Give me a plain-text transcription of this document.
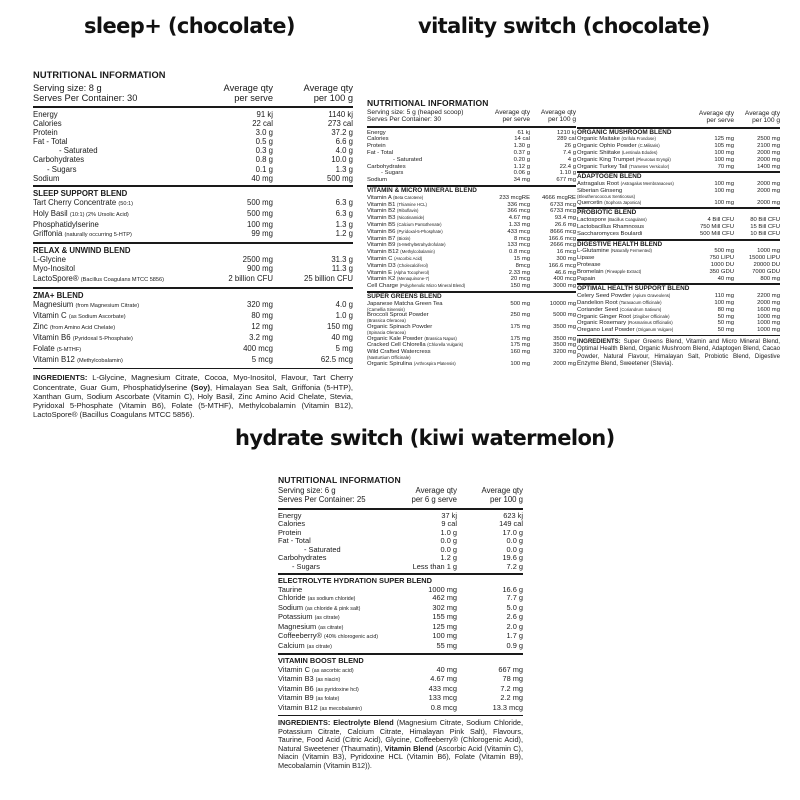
sleep+ (chocolate)	vitality switch (chocolate)
hydrate switch (kiwi watermelon)
NUTRITIONAL INFORMATION
Serving size: 8 g
Serves Per Container: 30
Average qty
per serve
Average qty
per 100 g
Energy	91 kj	1140 kj
Calories	22 cal	273 cal
Protein	3.0 g	37.2 g
Fat - Total	0.5 g	6.6 g
- Saturated	0.3 g	4.0 g
Carbohydrates	0.8 g	10.0 g
- Sugars	0.1 g	1.3 g
Sodium	40 mg	500 mg
SLEEP SUPPORT BLEND
Tart Cherry Concentrate (50:1)	500 mg	6.3 g
Holy Basil (10:1) (2% Ursolic Acid)	500 mg	6.3 g
Phosphatidylserine	100 mg	1.3 g
Griffonia (naturally occurring 5-HTP)	99 mg	1.2 g
RELAX & UNWIND BLEND
L-Glycine	2500 mg	31.3 g
Myo-Inositol	900 mg	11.3 g
LactoSpore® (Bacillus Coagulans MTCC 5856)	2 billion CFU	25 billion CFU
ZMA+ BLEND
Magnesium (from Magnesium Citrate)	320 mg	4.0 g
Vitamin C (as Sodium Ascorbate)	80 mg	1.0 g
Zinc (from Amino Acid Chelate)	12 mg	150 mg
Vitamin B6 (Pyridoxal 5-Phosphate)	3.2 mg	40 mg
Folate (5-MTHF)	400 mcg	5 mg
Vitamin B12 (Methylcobalamin)	5 mcg	62.5 mcg
INGREDIENTS: L-Glycine, Magnesium Citrate, Cocoa, Myo-Inositol, Flavour, Tart Cherry Concentrate, Guar Gum, Phosphatidylserine (Soy), Himalayan Sea Salt, Griffonia (5-HTP), Xanthan Gum, Sodium Ascorbate (Vitamin C), Holy Basil, Zinc Amino Acid Chelate, Stevia, Pyridoxal 5-Phosphate (Vitamin B6), Folate (5-MTHF), Methylcobalamin (Vitamin B12), LactoSpore® (Bacillus Coagulans MTCC 5856).
NUTRITIONAL INFORMATION
Serving size: 5 g (heaped scoop)
Serves Per Container: 30
Average qty
per serve
Average qty
per 100 g
Energy	61 kj	1210 kj
Calories	14 cal	289 cal
Protein	1.30 g	26 g
Fat - Total	0.37 g	7.4 g
- Saturated	0.20 g	4 g
Carbohydrates	1.12 g	22.4 g
- Sugars	0.06 g	1.10 g
Sodium	34 mg	677 mg
VITAMIN & MICRO MINERAL BLEND
Vitamin A (Beta Carotene)	233 mcgRE	4666 mcgRE
Vitamin B1 (Thiamine HCL)	336 mcg	6733 mcg
Vitamin B2 (Riboflavin)	366 mcg	6733 mcg
Vitamin B3 (Nicotinamide)	4.67 mg	93.4 mg
Vitamin B5 (Calcium Pantothenate)	1.33 mg	26.6 mg
Vitamin B6 (Pyridoxal-5-Phosphate)	433 mcg	8666 mcg
Vitamin B7 (Biotin)	8 mcg	166.6 mcg
Vitamin B9 (5-Methyltetrahydrofolate)	133 mcg	2666 mcg
Vitamin B12 (Methylcobalamin)	0.8 mcg	16 mcg
Vitamin C (Ascorbic Acid)	15 mg	300 mg
Vitamin D3 (Cholecalciferol)	8mcg	166.6 mcg
Vitamin E (Alpha Tocopherol)	2.33 mg	46.6 mg
Vitamin K2 (Menaquinone-7)	20 mcg	400 mcg
Cell Charge (Polyphenolic Micro Mineral Blend)	150 mg	3000 mg
SUPER GREENS BLEND
Japanese Matcha Green Tea	500 mg	10000 mg
(Camellia Sinensis)
Broccoli Sprout Powder	250 mg	5000 mg
(Brassica Oleracea)
Organic Spinach Powder	175 mg	3500 mg
(Spinacia Oleracea)
Organic Kale Powder (Brassica Napus)	175 mg	3500 mg
Cracked Cell Chlorella (Chlorella Vulgaris)	175 mg	3500 mg
Wild Crafted Watercress	160 mg	3200 mg
(Nasturtium Officinale)
Organic Spirulina (Arthrospira Platensis)	100 mg	2000 mg
Average qty
per serve
Average qty
per 100 g
ORGANIC MUSHROOM BLEND
Organic Maitake (Grifola Frondose)	125 mg	2500 mg
Organic Ophio Powder (C.Militaris)	105 mg	2100 mg
Organic Shiitake (Lentinula Edodes)	100 mg	2000 mg
Organic King Trumpet (Pleurotus Eryngii)	100 mg	2000 mg
Organic Turkey Tail (Trametes Versicolor)	70 mg	1400 mg
ADAPTOGEN BLEND
Astragalus Root (Astragalus Membranaceus)	100 mg	2000 mg
Siberian Ginseng	100 mg	2000 mg
(Eleutherococcus Senticosus)
Quercetin (Sophora Japonica)	100 mg	2000 mg
PROBIOTIC BLEND
Lactospore (Bacillus Coagulans)	4 Bill CFU	80 Bill CFU
Lactobacillus Rhamnosus	750 Mill CFU	15 Bill CFU
Saccharomyces Boulardi	500 Mill CFU	10 Bill CFU
DIGESTIVE HEALTH BLEND
L-Glutamine (Naturally Fermented)	500 mg	1000 mg
Lipase	750 LIPU	15000 LIPU
Protease	1000 DU	20000 DU
Bromelain (Pineapple Extract)	350 GDU	7000 GDU
Papain	40 mg	800 mg
OPTIMAL HEALTH SUPPORT BLEND
Celery Seed Powder (Apium Graveolens)	110 mg	2200 mg
Dandelion Root (Taraxacum Officinale)	100 mg	2000 mg
Coriander Seed (Coriandrum Sativum)	80 mg	1600 mg
Organic Ginger Root (Zingiber Officinale)	50 mg	1000 mg
Organic Rosemary (Rosmarinus Officinalis)	50 mg	1000 mg
Oregano Leaf Powder (Origanum Vulgare)	50 mg	1000 mg
INGREDIENTS: Super Greens Blend, Vitamin and Micro Mineral Blend, Optimal Health Blend, Organic Mushroom Blend, Adaptogen Blend, Cacao Powder, Natural Flavour, Himalayan Salt, Probiotic Blend, Digestive Enzyme Blend, Sweetener (Stevia).
NUTRITIONAL INFORMATION
Serving size: 6 g
Serves Per Container: 25
Average qty
per 6 g serve
Average qty
per 100 g
Energy	37 kj	623 kj
Calories	9 cal	149 cal
Protein	1.0 g	17.0 g
Fat - Total	0.0 g	0.0 g
- Saturated	0.0 g	0.0 g
Carbohydrates	1.2 g	19.6 g
- Sugars	Less than 1 g	7.2 g
ELECTROLYTE HYDRATION SUPER BLEND
Taurine	1000 mg	16.6 g
Chloride (as sodium chloride)	462 mg	7.7 g
Sodium (as chloride & pink salt)	302 mg	5.0 g
Potassium (as citrate)	155 mg	2.6 g
Magnesium (as citrate)	125 mg	2.0 g
Coffeeberry® (40% chlorogenic acid)	100 mg	1.7 g
Calcium (as citrate)	55 mg	0.9 g
VITAMIN BOOST BLEND
Vitamin C (as ascorbic acid)	40 mg	667 mg
Vitamin B3 (as niacin)	4.67 mg	78 mg
Vitamin B6 (as pyridoxine hcl)	433 mcg	7.2 mg
Vitamin B9 (as folate)	133 mcg	2.2 mg
Vitamin B12 (as mecobalamin)	0.8 mcg	13.3 mcg
INGREDIENTS: Electrolyte Blend (Magnesium Citrate, Sodium Chloride, Potassium Citrate, Calcium Citrate, Himalayan Pink Salt), Flavours, Taurine, Food Acid (Citric Acid), Glycine, Coffeeberry® (Chlorogenic Acid), Natural Sweetener (Thaumatin), Vitamin Blend (Ascorbic Acid (Vitamin C), Niacin (Vitamin B3), Pyridoxine HCL (Vitamin B6), Folate (Vitamin B9), Mecobalamin (Vitamin B12)).
